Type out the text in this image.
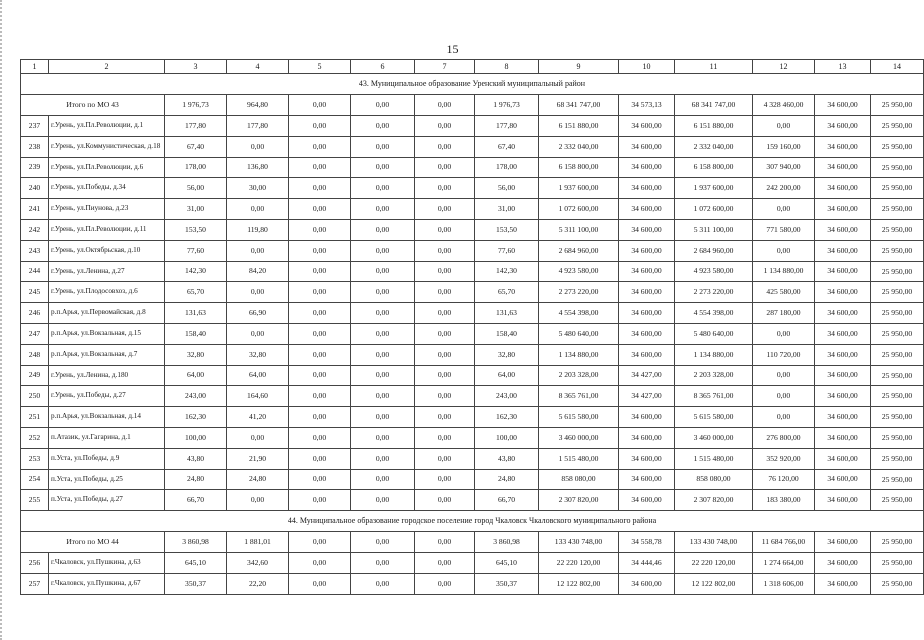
15
1	2	3	4	5	6	7	8	9	10	11	12	13	14
43. Муниципальное образование Уренский муниципальный район													
Итого по МО 43		1 976,73	964,80	0,00	0,00	0,00	1 976,73	68 341 747,00	34 573,13	68 341 747,00	4 328 460,00	34 600,00	25 950,00
237	г.Урень, ул.Пл.Революции, д.1	177,80	177,80	0,00	0,00	0,00	177,80	6 151 880,00	34 600,00	6 151 880,00	0,00	34 600,00	25 950,00
238	г.Урень, ул.Коммунистическая, д.18	67,40	0,00	0,00	0,00	0,00	67,40	2 332 040,00	34 600,00	2 332 040,00	159 160,00	34 600,00	25 950,00
239	г.Урень, ул.Пл.Революции, д.6	178,00	136,80	0,00	0,00	0,00	178,00	6 158 800,00	34 600,00	6 158 800,00	307 940,00	34 600,00	25 950,00
240	г.Урень, ул.Победы, д.34	56,00	30,00	0,00	0,00	0,00	56,00	1 937 600,00	34 600,00	1 937 600,00	242 200,00	34 600,00	25 950,00
241	г.Урень, ул.Пиунова, д.23	31,00	0,00	0,00	0,00	0,00	31,00	1 072 600,00	34 600,00	1 072 600,00	0,00	34 600,00	25 950,00
242	г.Урень, ул.Пл.Революции, д.11	153,50	119,80	0,00	0,00	0,00	153,50	5 311 100,00	34 600,00	5 311 100,00	771 580,00	34 600,00	25 950,00
243	г.Урень, ул.Октябрьская, д.10	77,60	0,00	0,00	0,00	0,00	77,60	2 684 960,00	34 600,00	2 684 960,00	0,00	34 600,00	25 950,00
244	г.Урень, ул.Ленина, д.27	142,30	84,20	0,00	0,00	0,00	142,30	4 923 580,00	34 600,00	4 923 580,00	1 134 880,00	34 600,00	25 950,00
245	г.Урень, ул.Плодосовхоз, д.6	65,70	0,00	0,00	0,00	0,00	65,70	2 273 220,00	34 600,00	2 273 220,00	425 580,00	34 600,00	25 950,00
246	р.п.Арья, ул.Первомайская, д.8	131,63	66,90	0,00	0,00	0,00	131,63	4 554 398,00	34 600,00	4 554 398,00	287 180,00	34 600,00	25 950,00
247	р.п.Арья, ул.Вокзальная, д.15	158,40	0,00	0,00	0,00	0,00	158,40	5 480 640,00	34 600,00	5 480 640,00	0,00	34 600,00	25 950,00
248	р.п.Арья, ул.Вокзальная, д.7	32,80	32,80	0,00	0,00	0,00	32,80	1 134 880,00	34 600,00	1 134 880,00	110 720,00	34 600,00	25 950,00
249	г.Урень, ул.Ленина, д.180	64,00	64,00	0,00	0,00	0,00	64,00	2 203 328,00	34 427,00	2 203 328,00	0,00	34 600,00	25 950,00
250	г.Урень, ул.Победы, д.27	243,00	164,60	0,00	0,00	0,00	243,00	8 365 761,00	34 427,00	8 365 761,00	0,00	34 600,00	25 950,00
251	р.п.Арья, ул.Вокзальная, д.14	162,30	41,20	0,00	0,00	0,00	162,30	5 615 580,00	34 600,00	5 615 580,00	0,00	34 600,00	25 950,00
252	п.Атазик, ул.Гагарина, д.1	100,00	0,00	0,00	0,00	0,00	100,00	3 460 000,00	34 600,00	3 460 000,00	276 800,00	34 600,00	25 950,00
253	п.Уста, ул.Победы, д.9	43,80	21,90	0,00	0,00	0,00	43,80	1 515 480,00	34 600,00	1 515 480,00	352 920,00	34 600,00	25 950,00
254	п.Уста, ул.Победы, д.25	24,80	24,80	0,00	0,00	0,00	24,80	858 080,00	34 600,00	858 080,00	76 120,00	34 600,00	25 950,00
255	п.Уста, ул.Победы, д.27	66,70	0,00	0,00	0,00	0,00	66,70	2 307 820,00	34 600,00	2 307 820,00	183 380,00	34 600,00	25 950,00
44. Муниципальное образование городское поселение город Чкаловск Чкаловского муниципального района													
Итого по МО 44		3 860,98	1 881,01	0,00	0,00	0,00	3 860,98	133 430 748,00	34 558,78	133 430 748,00	11 684 766,00	34 600,00	25 950,00
256	г.Чкаловск, ул.Пушкина, д.63	645,10	342,60	0,00	0,00	0,00	645,10	22 220 120,00	34 444,46	22 220 120,00	1 274 664,00	34 600,00	25 950,00
257	г.Чкаловск, ул.Пушкина, д.67	350,37	22,20	0,00	0,00	0,00	350,37	12 122 802,00	34 600,00	12 122 802,00	1 318 606,00	34 600,00	25 950,00
